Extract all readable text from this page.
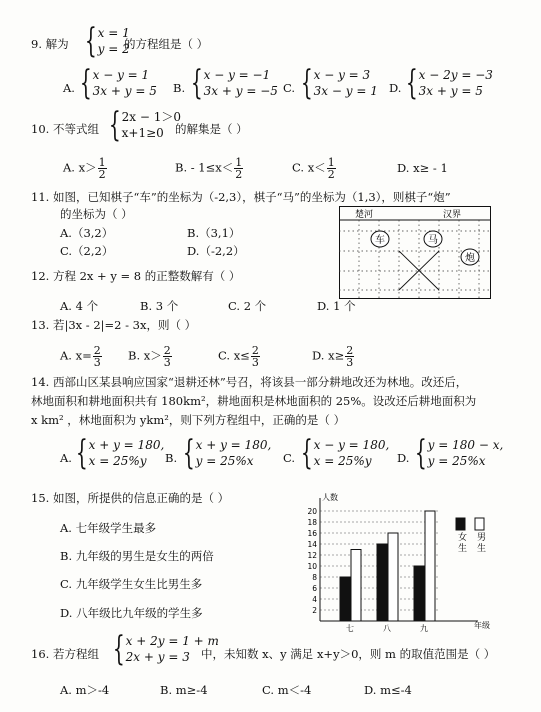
9. 解为 { x = 1
y = 2
的方程组是（ ）
A. { x − y = 1
3x + y = 5 B. { x − y = −1
3x + y = −5 C. { x − y = 3
3x − y = 1 D. { x − 2y = −3
3x + y = 5
10. 不等式组 { 2x − 1＞0
x+1≥0 的解集是（ ）
A. $x> \frac{1}{2}$	B. - $1\le x< \frac{1}{2}$	C. $x< \frac{1}{2}$	D. x≥ - 1
11. 如图，已知棋子“车”的坐标为（-2,3），棋子“马”的坐标为（1,3），则棋子“炮”
的坐标为（ ）
A.（3,2）	B.（3,1）
C.（2,2）	D.（-2,2）
楚河	汉界
车	马
炮
12. 方程 2x + y = 8 的正整数解有（ ）
A. 4 个	B. 3 个	C. 2 个	D. 1 个
13. 若|3x - 2|=2 - 3x，则（ ）
A. $x= \frac{2}{3} B$. $x> \frac{2}{3}$	C. $x\le \frac{2}{3}$	D. $x\ge \frac{2}{3}$
14. 西部山区某县响应国家“退耕还林”号召，将该县一部分耕地改还为林地。改还后，
林地面积和耕地面积共有 180km²，耕地面积是林地面积的 25%。设改还后耕地面积为
x km² ，林地面积为 ykm²，则下列方程组中，正确的是（ ）
A. { x + y = 180,
x = 25%y	B. { x + y = 180,
y = 25%x	C. { x − y = 180,
x = 25%y	D. { y = 180 − x,
y = 25%x
15. 如图，所提供的信息正确的是（ ）
A. 七年级学生最多
B. 九年级的男生是女生的两倍
C. 九年级学生女生比男生多
D. 八年级比九年级的学生多	2
4
6
8
10
12
14
16
18
20
七	八	九
人数
年级
女生
男生
16. 若方程组 { x + 2y = 1 + m
2x + y = 3 中，未知数 x、y 满足 x+y＞0，则 m 的取值范围是（ ）
A. m＞-4	B. m≥-4	C. m＜-4	D. m≤-4
